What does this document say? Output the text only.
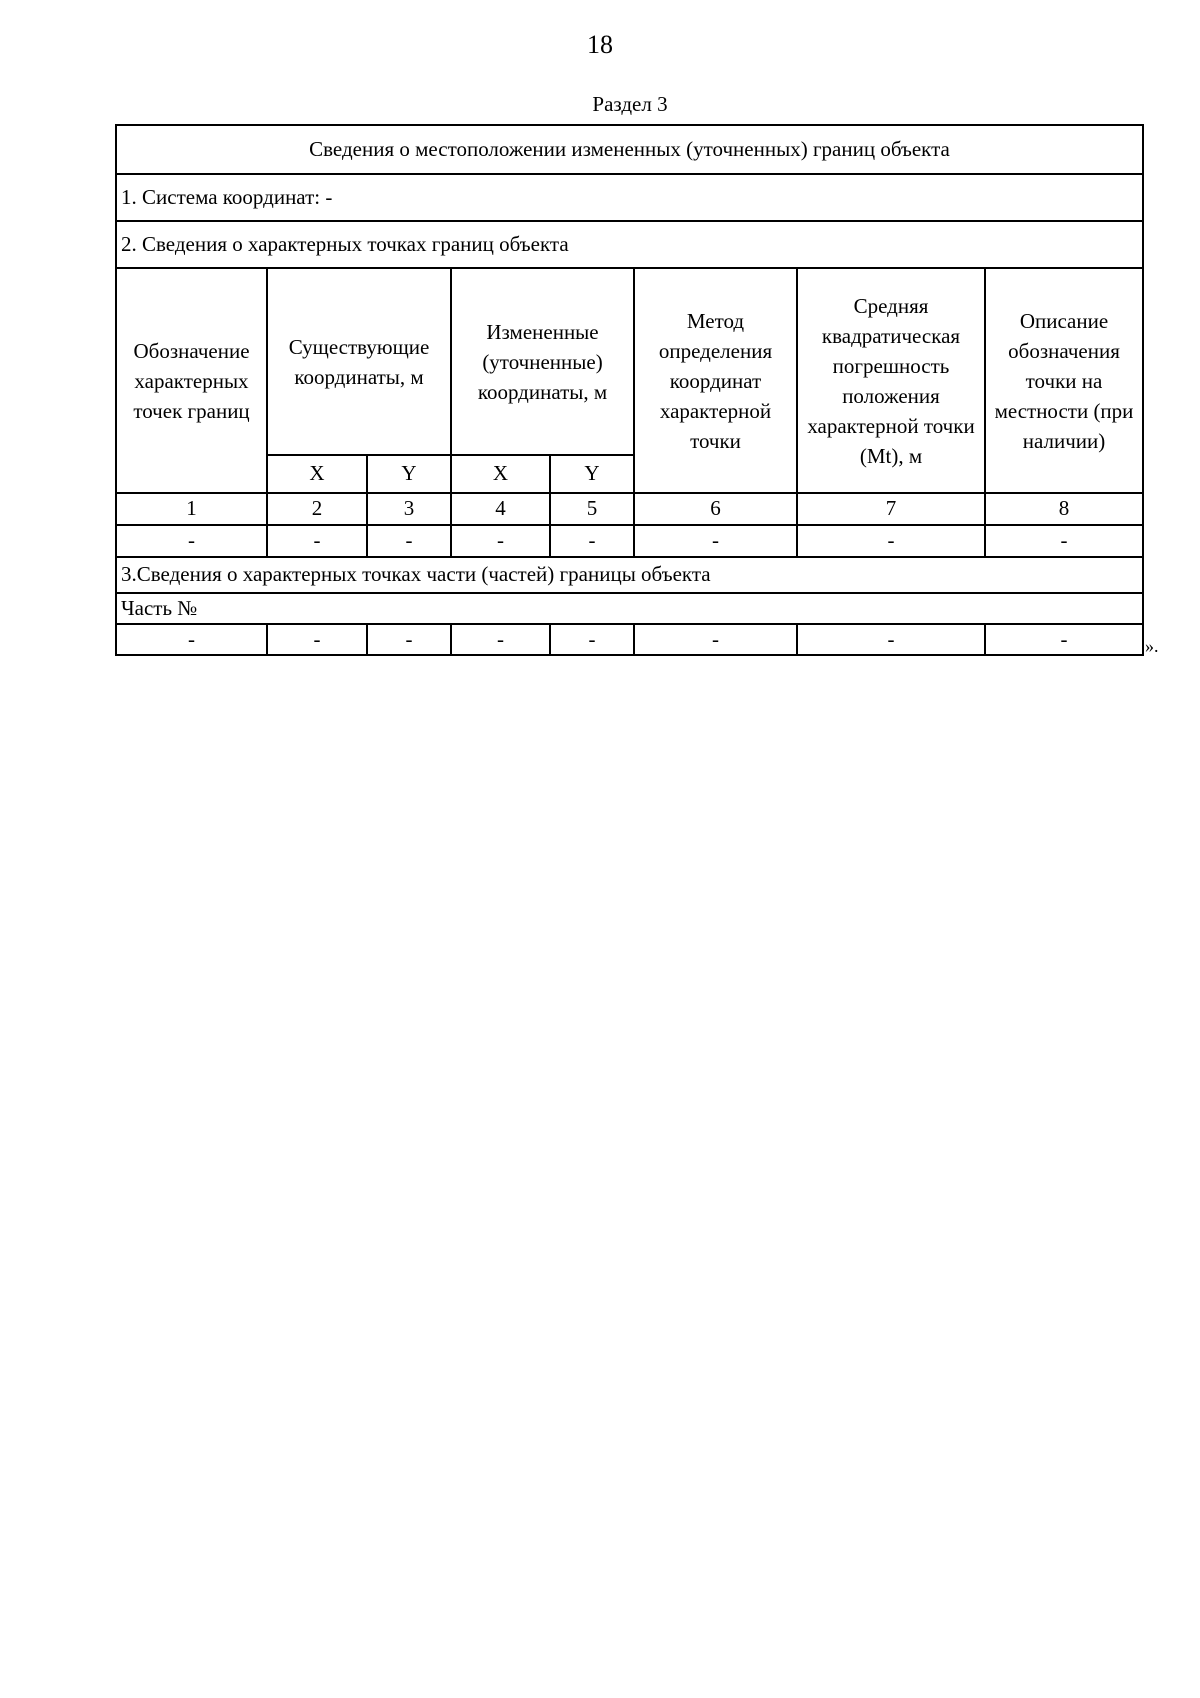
18
Раздел 3
Сведения о местоположении измененных (уточненных) границ объекта							
1. Система координат: -							
2. Сведения о характерных точках границ объекта							
Обозначение характерных точек границ	Существующие координаты, м		Измененные (уточненные) координаты, м		Метод определения координат характерной точки	Средняя квадратическая погрешность положения характерной точки (Mt), м	Описание обозначения точки на местности (при наличии)
	X	Y	X	Y			
1	2	3	4	5	6	7	8
-	-	-	-	-	-	-	-
3.Сведения о характерных точках части (частей) границы объекта							
Часть №							
-	-	-	-	-	-	-	-	».
